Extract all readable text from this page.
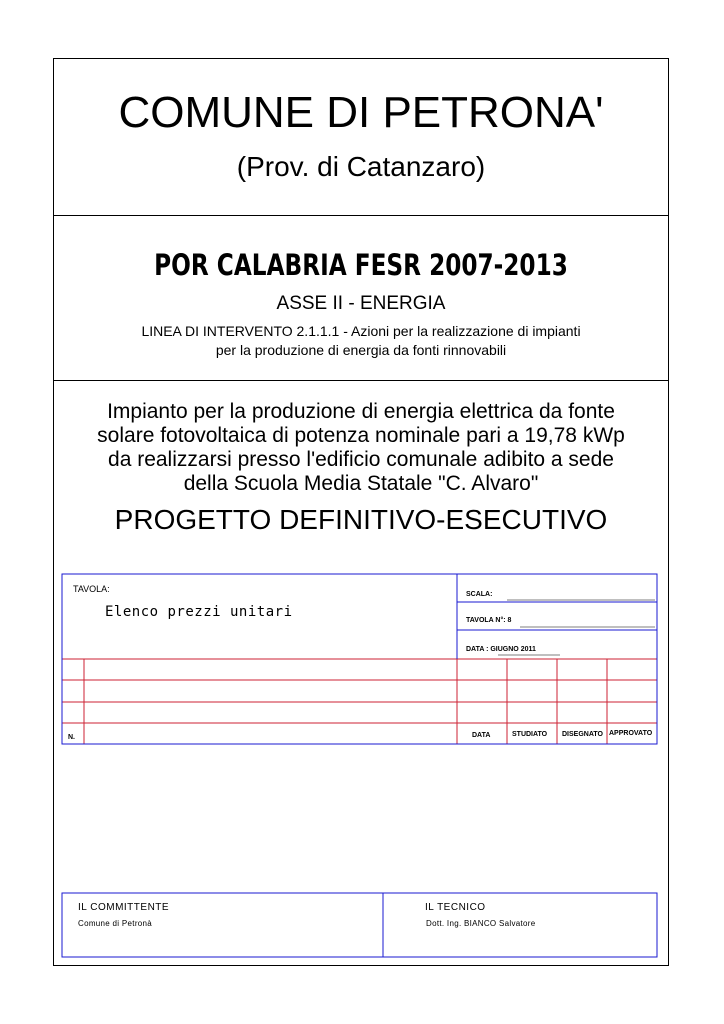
COMUNE DI PETRONA'
(Prov. di Catanzaro)
POR CALABRIA FESR 2007-2013
ASSE II - ENERGIA
LINEA DI INTERVENTO 2.1.1.1 - Azioni per la realizzazione di impianti
per la produzione di energia da fonti rinnovabili
Impianto per la produzione di energia elettrica da fonte
solare fotovoltaica di potenza nominale pari a 19,78 kWp
da realizzarsi presso l'edificio comunale adibito a sede
della Scuola Media Statale "C. Alvaro"
PROGETTO DEFINITIVO-ESECUTIVO
TAVOLA:
Elenco prezzi unitari
SCALA:
TAVOLA N°: 8
DATA : GIUGNO 2011
N.	DATA	STUDIATO DISEGNATO APPROVATO
IL COMMITTENTE
Comune di Petronà
IL TECNICO
Dott. Ing. BIANCO Salvatore
